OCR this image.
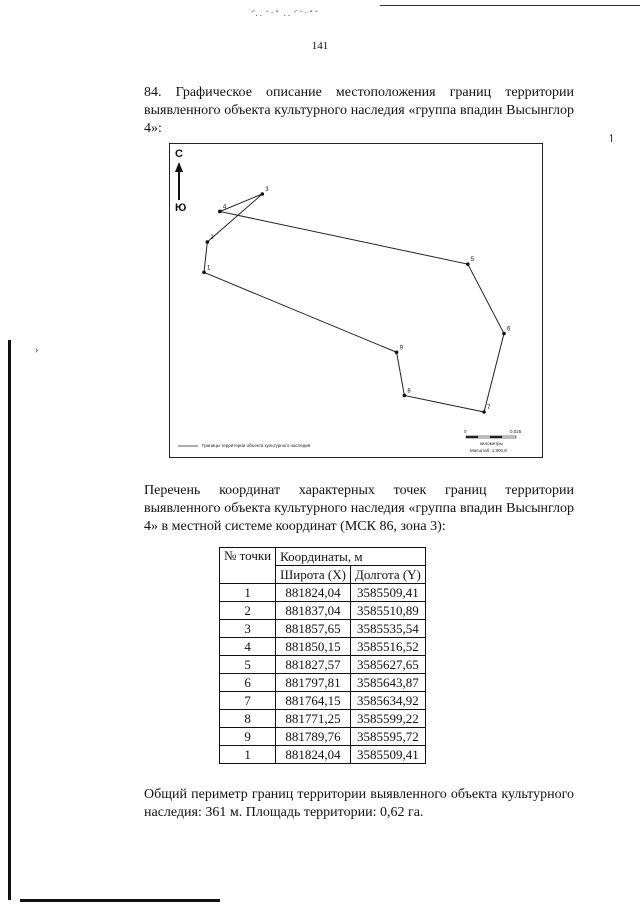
ᐟ..ᐨᐧᐩ ..ᐟᐨᐧᐩᐨ
141
84. Графическое описание местоположения границ территории выявленного объекта культурного наследия «группа впадин Высынглор 4»:
1
2
3
4
5
6
7
8
9
С
Ю
Границы территории объекта культурного наследия
0	0,025
километры
Масштаб: 1:800,0
↿
›
Перечень координат характерных точек границ территории выявленного объекта культурного наследия «группа впадин Высынглор 4» в местной системе координат (МСК 86, зона 3):
№ точки	Координаты, м	
	Широта (X)	Долгота (Y)
1	881824,04	3585509,41
2	881837,04	3585510,89
3	881857,65	3585535,54
4	881850,15	3585516,52
5	881827,57	3585627,65
6	881797,81	3585643,87
7	881764,15	3585634,92
8	881771,25	3585599,22
9	881789,76	3585595,72
1	881824,04	3585509,41
Общий периметр границ территории выявленного объекта культурного наследия: 361 м. Площадь территории: 0,62 га.
